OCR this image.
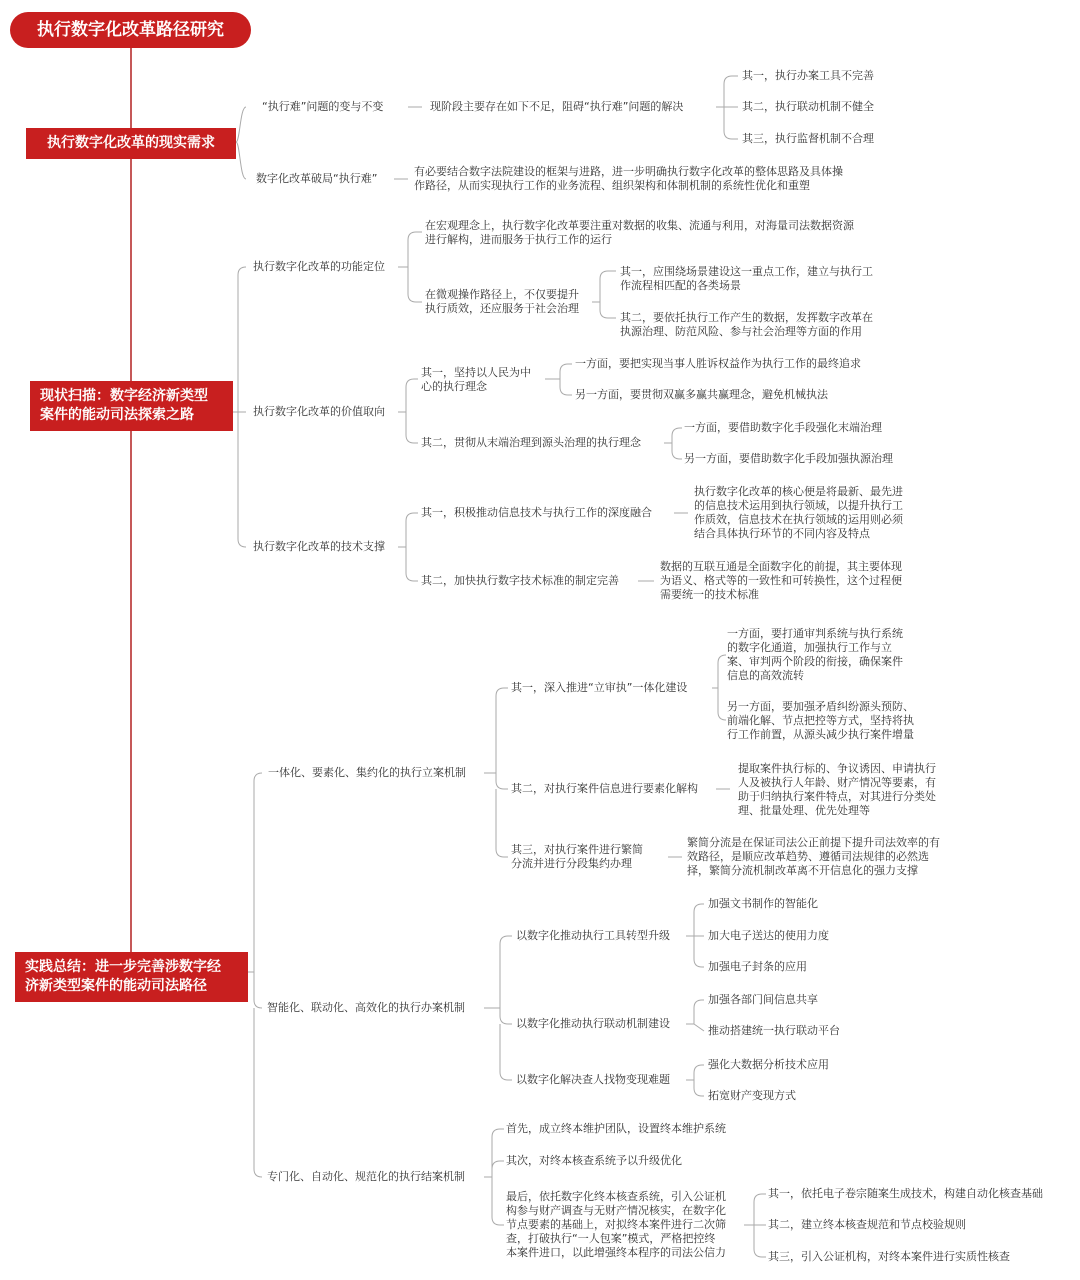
执行数字化改革路径研究
执行数字化改革的现实需求
现状扫描：数字经济新类型
案件的能动司法探索之路
实践总结：进一步完善涉数字经
济新类型案件的能动司法路径
“执行难”问题的变与不变	现阶段主要存在如下不足，阻碍“执行难”问题的解决
其一，执行办案工具不完善
其二，执行联动机制不健全
其三，执行监督机制不合理
数字化改革破局“执行难”
有必要结合数字法院建设的框架与进路，进一步明确执行数字化改革的整体思路及具体操
作路径，从而实现执行工作的业务流程、组织架构和体制机制的系统性优化和重塑
执行数字化改革的功能定位
在宏观理念上，执行数字化改革要注重对数据的收集、流通与利用，对海量司法数据资源
进行解构，进而服务于执行工作的运行
在微观操作路径上，不仅要提升
执行质效，还应服务于社会治理
其一，应围绕场景建设这一重点工作，建立与执行工
作流程相匹配的各类场景
其二，要依托执行工作产生的数据，发挥数字改革在
执源治理、防范风险、参与社会治理等方面的作用
执行数字化改革的价值取向
其一，坚持以人民为中
心的执行理念
一方面，要把实现当事人胜诉权益作为执行工作的最终追求
另一方面，要贯彻双赢多赢共赢理念，避免机械执法
其二，贯彻从末端治理到源头治理的执行理念
一方面，要借助数字化手段强化末端治理
另一方面，要借助数字化手段加强执源治理
执行数字化改革的技术支撑
其一，积极推动信息技术与执行工作的深度融合
执行数字化改革的核心便是将最新、最先进
的信息技术运用到执行领域，以提升执行工
作质效，信息技术在执行领域的运用则必须
结合具体执行环节的不同内容及特点
其二，加快执行数字技术标准的制定完善
数据的互联互通是全面数字化的前提，其主要体现
为语义、格式等的一致性和可转换性，这个过程便
需要统一的技术标准
一体化、要素化、集约化的执行立案机制
其一，深入推进“立审执”一体化建设
一方面，要打通审判系统与执行系统
的数字化通道，加强执行工作与立
案、审判两个阶段的衔接，确保案件
信息的高效流转
另一方面，要加强矛盾纠纷源头预防、
前端化解、节点把控等方式，坚持将执
行工作前置，从源头减少执行案件增量
其二，对执行案件信息进行要素化解构
提取案件执行标的、争议诱因、申请执行
人及被执行人年龄、财产情况等要素，有
助于归纳执行案件特点，对其进行分类处
理、批量处理、优先处理等
其三，对执行案件进行繁简
分流并进行分段集约办理
繁简分流是在保证司法公正前提下提升司法效率的有
效路径，是顺应改革趋势、遵循司法规律的必然选
择，繁简分流机制改革离不开信息化的强力支撑
智能化、联动化、高效化的执行办案机制
以数字化推动执行工具转型升级
加强文书制作的智能化
加大电子送达的使用力度
加强电子封条的应用
以数字化推动执行联动机制建设
加强各部门间信息共享
推动搭建统一执行联动平台
以数字化解决查人找物变现难题
强化大数据分析技术应用
拓宽财产变现方式
专门化、自动化、规范化的执行结案机制
首先，成立终本维护团队，设置终本维护系统
其次，对终本核查系统予以升级优化
最后，依托数字化终本核查系统，引入公证机
构参与财产调查与无财产情况核实，在数字化
节点要素的基础上，对拟终本案件进行二次筛
查，打破执行“一人包案”模式，严格把控终
本案件进口，以此增强终本程序的司法公信力
其一，依托电子卷宗随案生成技术，构建自动化核查基础
其二，建立终本核查规范和节点校验规则
其三，引入公证机构，对终本案件进行实质性核查
